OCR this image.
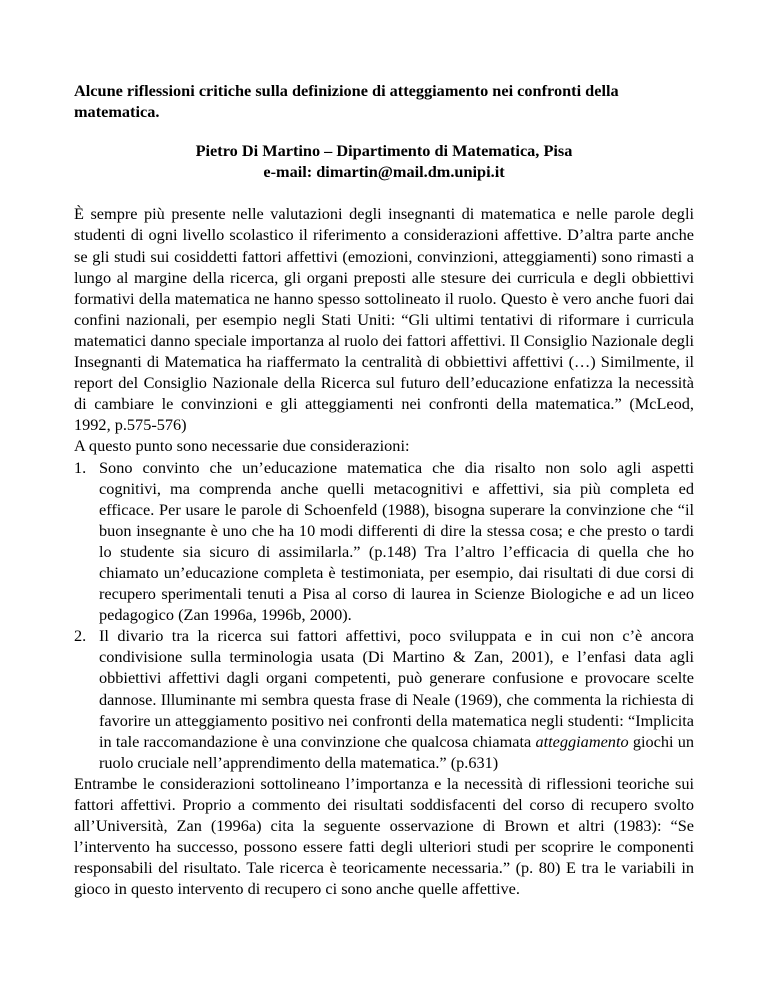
Alcune riflessioni critiche sulla definizione di atteggiamento nei confronti della matematica.

Pietro Di Martino – Dipartimento di Matematica, Pisa

e-mail: dimartin@mail.dm.unipi.it

È sempre più presente nelle valutazioni degli insegnanti di matematica e nelle parole degli studenti di ogni livello scolastico il riferimento a considerazioni affettive. D’altra parte anche se gli studi sui cosiddetti fattori affettivi (emozioni, convinzioni, atteggiamenti) sono rimasti a lungo al margine della ricerca, gli organi preposti alle stesure dei curricula e degli obbiettivi formativi della matematica ne hanno spesso sottolineato il ruolo. Questo è vero anche fuori dai confini nazionali, per esempio negli Stati Uniti: “Gli ultimi tentativi di riformare i curricula matematici danno speciale importanza al ruolo dei fattori affettivi. Il Consiglio Nazionale degli Insegnanti di Matematica ha riaffermato la centralità di obbiettivi affettivi (…) Similmente, il report del Consiglio Nazionale della Ricerca sul futuro dell’educazione enfatizza la necessità di cambiare le convinzioni e gli atteggiamenti nei confronti della matematica.” (McLeod, 1992, p.575-576)

A questo punto sono necessarie due considerazioni:

1. Sono convinto che un’educazione matematica che dia risalto non solo agli aspetti cognitivi, ma comprenda anche quelli metacognitivi e affettivi, sia più completa ed efficace. Per usare le parole di Schoenfeld (1988), bisogna superare la convinzione che “il buon insegnante è uno che ha 10 modi differenti di dire la stessa cosa; e che presto o tardi lo studente sia sicuro di assimilarla.” (p.148) Tra l’altro l’efficacia di quella che ho chiamato un’educazione completa è testimoniata, per esempio, dai risultati di due corsi di recupero sperimentali tenuti a Pisa al corso di laurea in Scienze Biologiche e ad un liceo pedagogico (Zan 1996a, 1996b, 2000).
2. Il divario tra la ricerca sui fattori affettivi, poco sviluppata e in cui non c’è ancora condivisione sulla terminologia usata (Di Martino & Zan, 2001), e l’enfasi data agli obbiettivi affettivi dagli organi competenti, può generare confusione e provocare scelte dannose. Illuminante mi sembra questa frase di Neale (1969), che commenta la richiesta di favorire un atteggiamento positivo nei confronti della matematica negli studenti: “Implicita in tale raccomandazione è una convinzione che qualcosa chiamata atteggiamento giochi un ruolo cruciale nell’apprendimento della matematica.” (p.631)

Entrambe le considerazioni sottolineano l’importanza e la necessità di riflessioni teoriche sui fattori affettivi. Proprio a commento dei risultati soddisfacenti del corso di recupero svolto all’Università, Zan (1996a) cita la seguente osservazione di Brown et altri (1983): “Se l’intervento ha successo, possono essere fatti degli ulteriori studi per scoprire le componenti responsabili del risultato. Tale ricerca è teoricamente necessaria.” (p. 80) E tra le variabili in gioco in questo intervento di recupero ci sono anche quelle affettive.
